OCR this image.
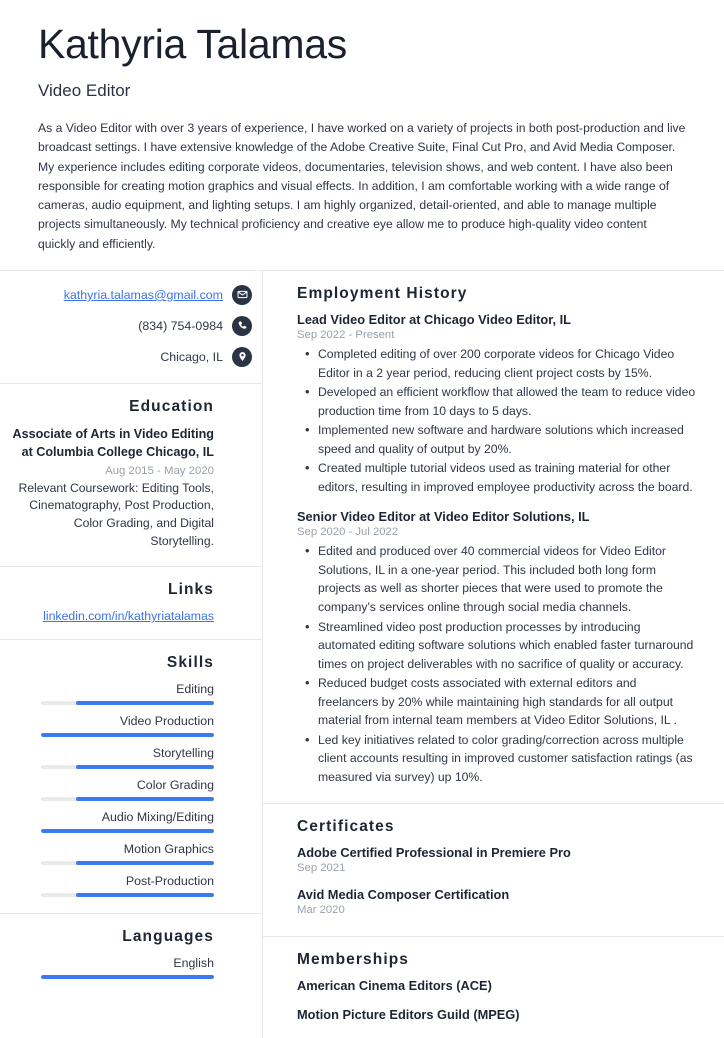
Kathyria Talamas
Video Editor

As a Video Editor with over 3 years of experience, I have worked on a variety of projects in both post-production and live broadcast settings. I have extensive knowledge of the Adobe Creative Suite, Final Cut Pro, and Avid Media Composer. My experience includes editing corporate videos, documentaries, television shows, and web content. I have also been responsible for creating motion graphics and visual effects. In addition, I am comfortable working with a wide range of cameras, audio equipment, and lighting setups. I am highly organized, detail-oriented, and able to manage multiple projects simultaneously. My technical proficiency and creative eye allow me to produce high-quality video content quickly and efficiently.

kathyria.talamas@gmail.com
(834) 754-0984
Chicago, IL
Education
Associate of Arts in Video Editing at Columbia College Chicago, IL
Aug 2015 - May 2020
Relevant Coursework: Editing Tools, Cinematography, Post Production, Color Grading, and Digital Storytelling.
Links
linkedin.com/in/kathyriatalamas
Skills
Editing
Video Production
Storytelling
Color Grading
Audio Mixing/Editing
Motion Graphics
Post-Production
Languages
English
Employment History
Lead Video Editor at Chicago Video Editor, IL
Sep 2022 - Present
• Completed editing of over 200 corporate videos for Chicago Video Editor in a 2 year period, reducing client project costs by 15%.
• Developed an efficient workflow that allowed the team to reduce video production time from 10 days to 5 days.
• Implemented new software and hardware solutions which increased speed and quality of output by 20%.
• Created multiple tutorial videos used as training material for other editors, resulting in improved employee productivity across the board.
Senior Video Editor at Video Editor Solutions, IL
Sep 2020 - Jul 2022
• Edited and produced over 40 commercial videos for Video Editor Solutions, IL in a one-year period. This included both long form projects as well as shorter pieces that were used to promote the company's services online through social media channels.
• Streamlined video post production processes by introducing automated editing software solutions which enabled faster turnaround times on project deliverables with no sacrifice of quality or accuracy.
• Reduced budget costs associated with external editors and freelancers by 20% while maintaining high standards for all output material from internal team members at Video Editor Solutions, IL .
• Led key initiatives related to color grading/correction across multiple client accounts resulting in improved customer satisfaction ratings (as measured via survey) up 10%.
Certificates
Adobe Certified Professional in Premiere Pro
Sep 2021
Avid Media Composer Certification
Mar 2020
Memberships
American Cinema Editors (ACE)
Motion Picture Editors Guild (MPEG)
